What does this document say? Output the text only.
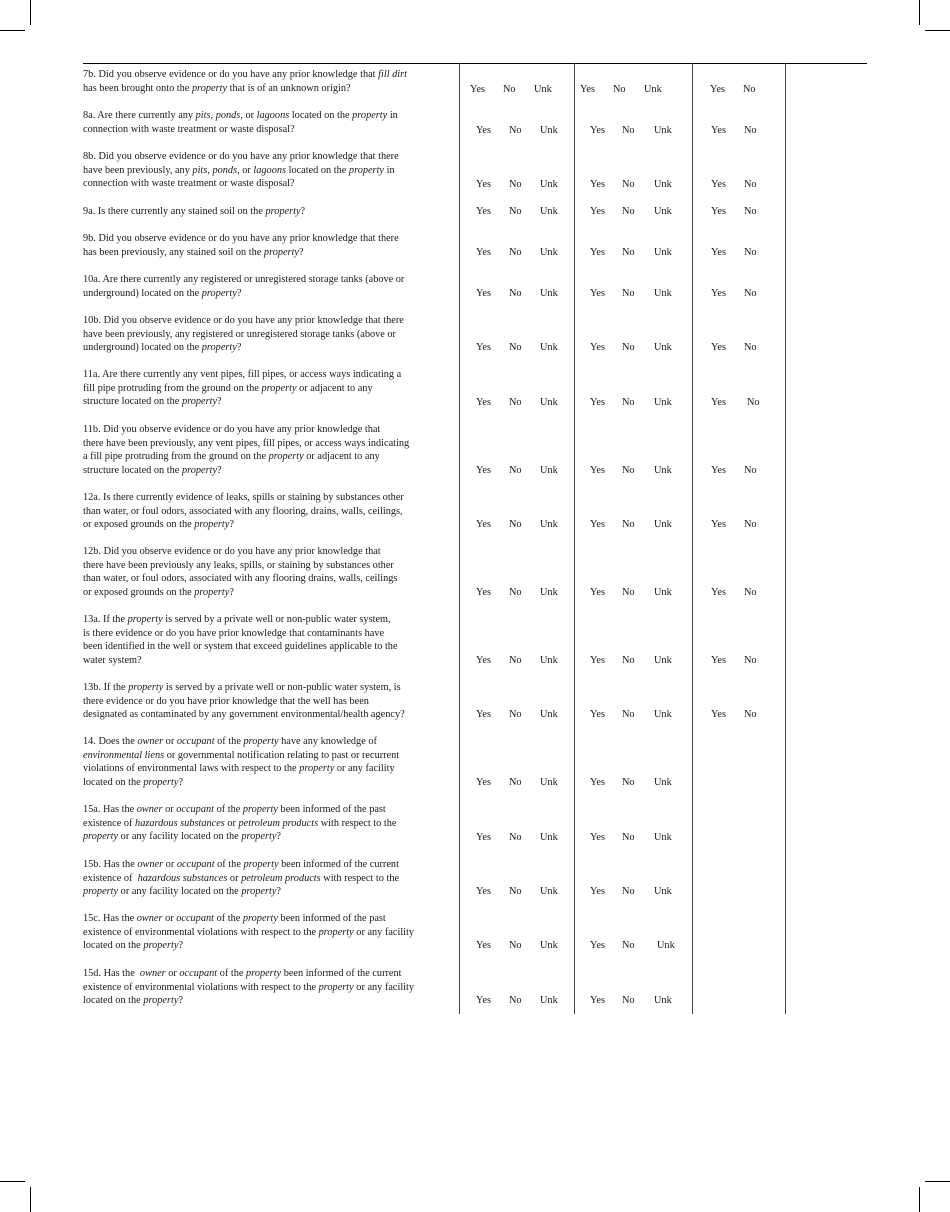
7b. Did you observe evidence or do you have any prior knowledge that fill dirt
has been brought onto the property that is of an unknown origin?	Yes No Unk	Yes No Unk	Yes No
8a. Are there currently any pits, ponds, or lagoons located on the property in
connection with waste treatment or waste disposal?	Yes No Unk	Yes No Unk	Yes No
8b. Did you observe evidence or do you have any prior knowledge that there
have been previously, any pits, ponds, or lagoons located on the property in
connection with waste treatment or waste disposal?	Yes No Unk	Yes No Unk	Yes No
9a. Is there currently any stained soil on the property?	Yes No Unk	Yes No Unk	Yes No
9b. Did you observe evidence or do you have any prior knowledge that there
has been previously, any stained soil on the property?	Yes No Unk	Yes No Unk	Yes No
10a. Are there currently any registered or unregistered storage tanks (above or
underground) located on the property?	Yes No Unk	Yes No Unk	Yes No
10b. Did you observe evidence or do you have any prior knowledge that there
have been previously, any registered or unregistered storage tanks (above or
underground) located on the property?	Yes No Unk	Yes No Unk	Yes No
11a. Are there currently any vent pipes, fill pipes, or access ways indicating a
fill pipe protruding from the ground on the property or adjacent to any
structure located on the property?	Yes No Unk	Yes No Unk	Yes No
11b. Did you observe evidence or do you have any prior knowledge that
there have been previously, any vent pipes, fill pipes, or access ways indicating
a fill pipe protruding from the ground on the property or adjacent to any
structure located on the property?	Yes No Unk	Yes No Unk	Yes No
12a. Is there currently evidence of leaks, spills or staining by substances other
than water, or foul odors, associated with any flooring, drains, walls, ceilings,
or exposed grounds on the property?	Yes No Unk	Yes No Unk	Yes No
12b. Did you observe evidence or do you have any prior knowledge that
there have been previously any leaks, spills, or staining by substances other
than water, or foul odors, associated with any flooring drains, walls, ceilings
or exposed grounds on the property?	Yes No Unk	Yes No Unk	Yes No
13a. If the property is served by a private well or non-public water system,
is there evidence or do you have prior knowledge that contaminants have
been identified in the well or system that exceed guidelines applicable to the
water system?	Yes No Unk	Yes No Unk	Yes No
13b. If the property is served by a private well or non-public water system, is
there evidence or do you have prior knowledge that the well has been
designated as contaminated by any government environmental/health agency?	Yes No Unk	Yes No Unk	Yes No
14. Does the owner or occupant of the property have any knowledge of
environmental liens or governmental notification relating to past or recurrent
violations of environmental laws with respect to the property or any facility
located on the property?	Yes No Unk	Yes No Unk
15a. Has the owner or occupant of the property been informed of the past
existence of hazardous substances or petroleum products with respect to the
property or any facility located on the property?	Yes No Unk	Yes No Unk
15b. Has the owner or occupant of the property been informed of the current
existence of  hazardous substances or petroleum products with respect to the
property or any facility located on the property?	Yes No Unk	Yes No Unk
15c. Has the owner or occupant of the property been informed of the past
existence of environmental violations with respect to the property or any facility
located on the property?	Yes No Unk	Yes No Unk
15d. Has the  owner or occupant of the property been informed of the current
existence of environmental violations with respect to the property or any facility
located on the property?	Yes No Unk	Yes No Unk
